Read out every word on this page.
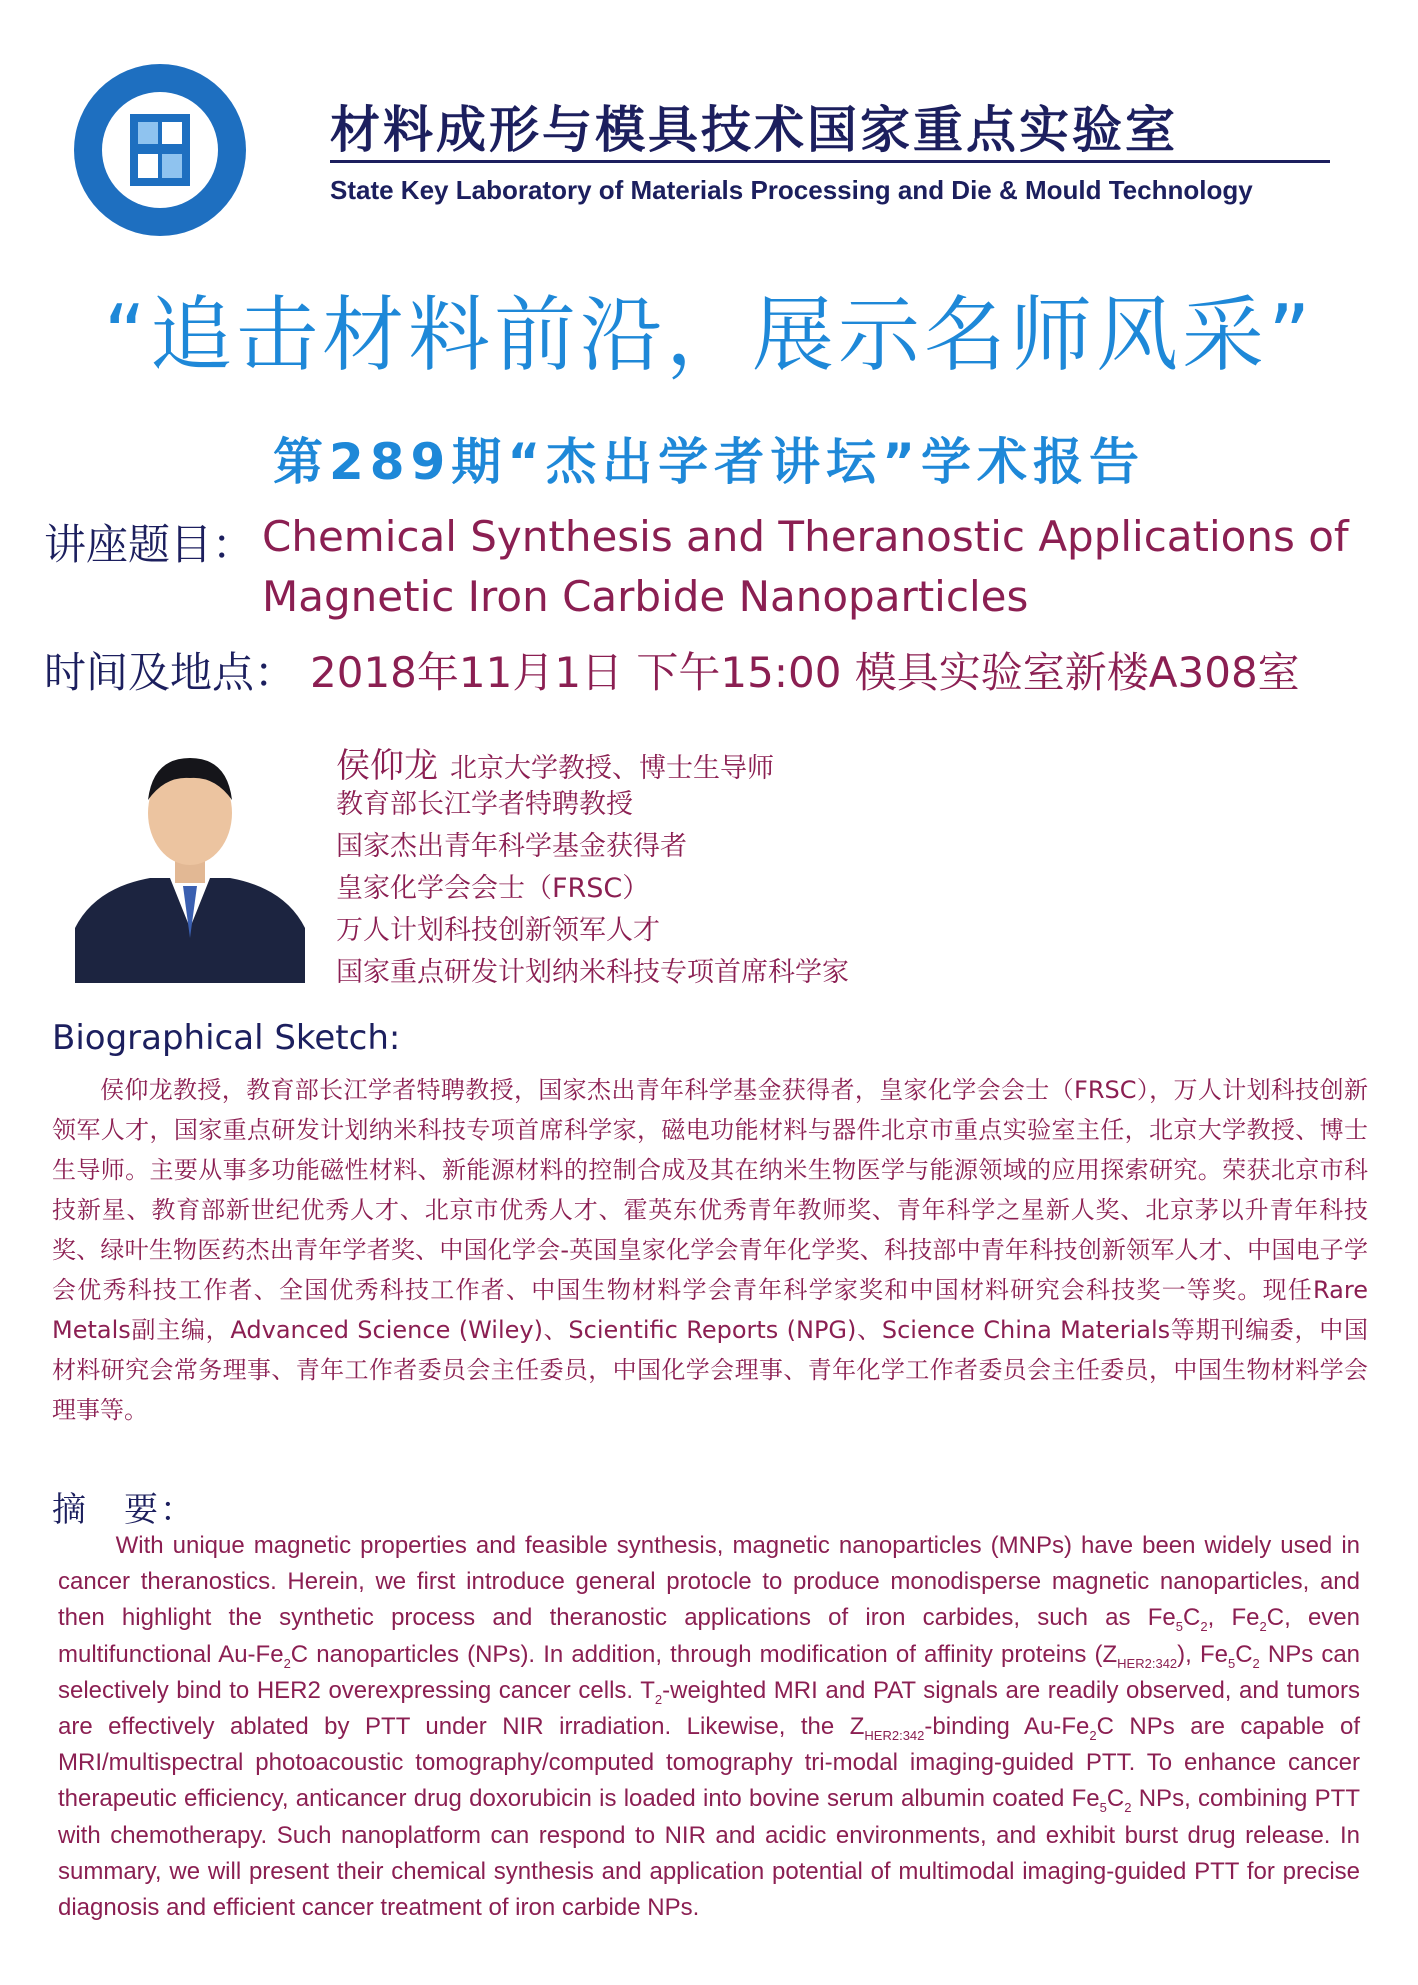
材料成形与模具技术国家重点实验室
State Key Laboratory of Materials Processing and Die & Mould Technology
“追击材料前沿，展示名师风采”
第289期“杰出学者讲坛”学术报告
讲座题目： Chemical Synthesis and Theranostic Applications of
Magnetic Iron Carbide Nanoparticles
时间及地点： 2018年11月1日 下午15:00 模具实验室新楼A308室
侯仰龙 北京大学教授、博士生导师
教育部长江学者特聘教授
国家杰出青年科学基金获得者
皇家化学会会士（FRSC）
万人计划科技创新领军人才
国家重点研发计划纳米科技专项首席科学家
Biographical Sketch:
侯仰龙教授，教育部长江学者特聘教授，国家杰出青年科学基金获得者，皇家化学会会士（FRSC），万人计划科技创新领军人才，国家重点研发计划纳米科技专项首席科学家，磁电功能材料与器件北京市重点实验室主任，北京大学教授、博士生导师。主要从事多功能磁性材料、新能源材料的控制合成及其在纳米生物医学与能源领域的应用探索研究。荣获北京市科技新星、教育部新世纪优秀人才、北京市优秀人才、霍英东优秀青年教师奖、青年科学之星新人奖、北京茅以升青年科技奖、绿叶生物医药杰出青年学者奖、中国化学会-英国皇家化学会青年化学奖、科技部中青年科技创新领军人才、中国电子学会优秀科技工作者、全国优秀科技工作者、中国生物材料学会青年科学家奖和中国材料研究会科技奖一等奖。现任Rare Metals副主编，Advanced Science (Wiley)、Scientific Reports (NPG)、Science China Materials等期刊编委，中国材料研究会常务理事、青年工作者委员会主任委员，中国化学会理事、青年化学工作者委员会主任委员，中国生物材料学会理事等。
摘　要：
With unique magnetic properties and feasible synthesis, magnetic nanoparticles (MNPs) have been widely used in cancer theranostics. Herein, we first introduce general protocle to produce monodisperse magnetic nanoparticles, and then highlight the synthetic process and theranostic applications of iron carbides, such as $Fe_5C_2$, $Fe_2C$, even multifunctional $Au-Fe_2C$ nanoparticles (NPs). In addition, through modification of affinity proteins $(Z_{HER2:342})$, $Fe_5C_2$ NPs can selectively bind to HER2 overexpressing cancer cells. $T_2$-weighted MRI and PAT signals are readily observed, and tumors are effectively ablated by PTT under NIR irradiation. Likewise, the $Z_{HER2:342}$-binding $Au-Fe_2C$ NPs are capable of MRI/multispectral photoacoustic tomography/computed tomography tri-modal imaging-guided PTT. To enhance cancer therapeutic efficiency, anticancer drug doxorubicin is loaded into bovine serum albumin coated $Fe_5C_2$ NPs, combining PTT with chemotherapy. Such nanoplatform can respond to NIR and acidic environments, and exhibit burst drug release. In summary, we will present their chemical synthesis and application potential of multimodal imaging-guided PTT for precise diagnosis and efficient cancer treatment of iron carbide NPs.
